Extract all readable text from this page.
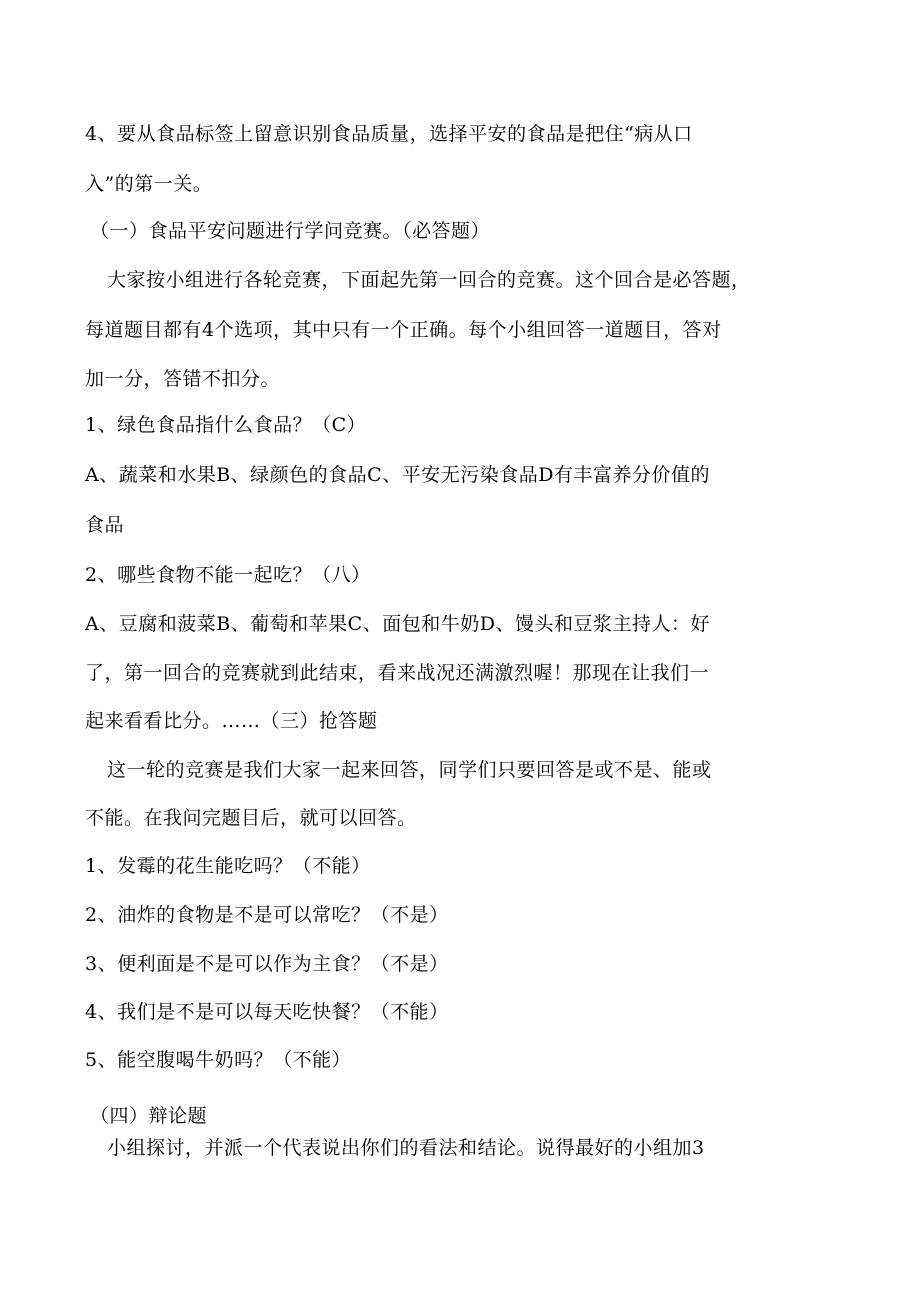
4、要从食品标签上留意识别食品质量，选择平安的食品是把住“病从口
入”的第一关。
（一）食品平安问题进行学问竞赛。（必答题）
大家按小组进行各轮竞赛，下面起先第一回合的竞赛。这个回合是必答题，
每道题目都有4个选项，其中只有一个正确。每个小组回答一道题目，答对
加一分，答错不扣分。
1、绿色食品指什么食品？（C）
A、蔬菜和水果B、绿颜色的食品C、平安无污染食品D有丰富养分价值的
食品
2、哪些食物不能一起吃？（八）
A、豆腐和菠菜B、葡萄和苹果C、面包和牛奶D、馒头和豆浆主持人：好
了，第一回合的竞赛就到此结束，看来战况还满激烈喔！那现在让我们一
起来看看比分。……（三）抢答题
这一轮的竞赛是我们大家一起来回答，同学们只要回答是或不是、能或
不能。在我问完题目后，就可以回答。
1、发霉的花生能吃吗？（不能）
2、油炸的食物是不是可以常吃？（不是）
3、便利面是不是可以作为主食？（不是）
4、我们是不是可以每天吃快餐？（不能）
5、能空腹喝牛奶吗？（不能）
（四）辩论题
小组探讨，并派一个代表说出你们的看法和结论。说得最好的小组加3
